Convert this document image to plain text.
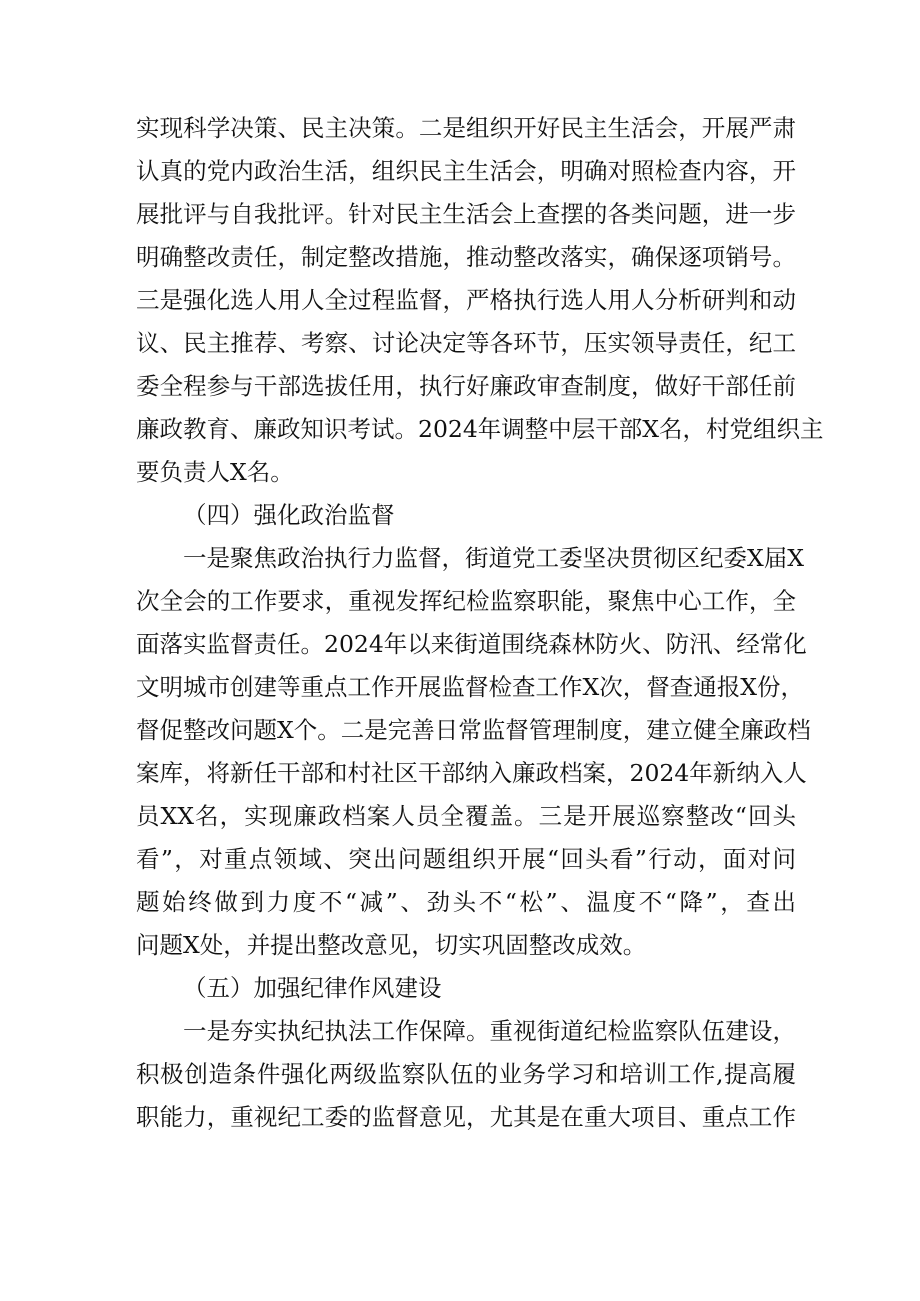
实现科学决策、民主决策。二是组织开好民主生活会，开展严肃
认真的党内政治生活，组织民主生活会，明确对照检查内容，开
展批评与自我批评。针对民主生活会上查摆的各类问题，进一步
明确整改责任，制定整改措施，推动整改落实，确保逐项销号。
三是强化选人用人全过程监督，严格执行选人用人分析研判和动
议、民主推荐、考察、讨论决定等各环节，压实领导责任，纪工
委全程参与干部选拔任用，执行好廉政审查制度，做好干部任前
廉政教育、廉政知识考试。2024年调整中层干部X名，村党组织主
要负责人X名。
（四）强化政治监督
一是聚焦政治执行力监督，街道党工委坚决贯彻区纪委X届X
次全会的工作要求，重视发挥纪检监察职能，聚焦中心工作，全
面落实监督责任。2024年以来街道围绕森林防火、防汛、经常化
文明城市创建等重点工作开展监督检查工作X次，督查通报X份，
督促整改问题X个。二是完善日常监督管理制度，建立健全廉政档
案库，将新任干部和村社区干部纳入廉政档案，2024年新纳入人
员XX名，实现廉政档案人员全覆盖。三是开展巡察整改“回头
看”，对重点领域、突出问题组织开展“回头看”行动，面对问
题始终做到力度不“减”、劲头不“松”、温度不“降”，查出
问题X处，并提出整改意见，切实巩固整改成效。
（五）加强纪律作风建设
一是夯实执纪执法工作保障。重视街道纪检监察队伍建设，
积极创造条件强化两级监察队伍的业务学习和培训工作,提高履
职能力，重视纪工委的监督意见，尤其是在重大项目、重点工作
